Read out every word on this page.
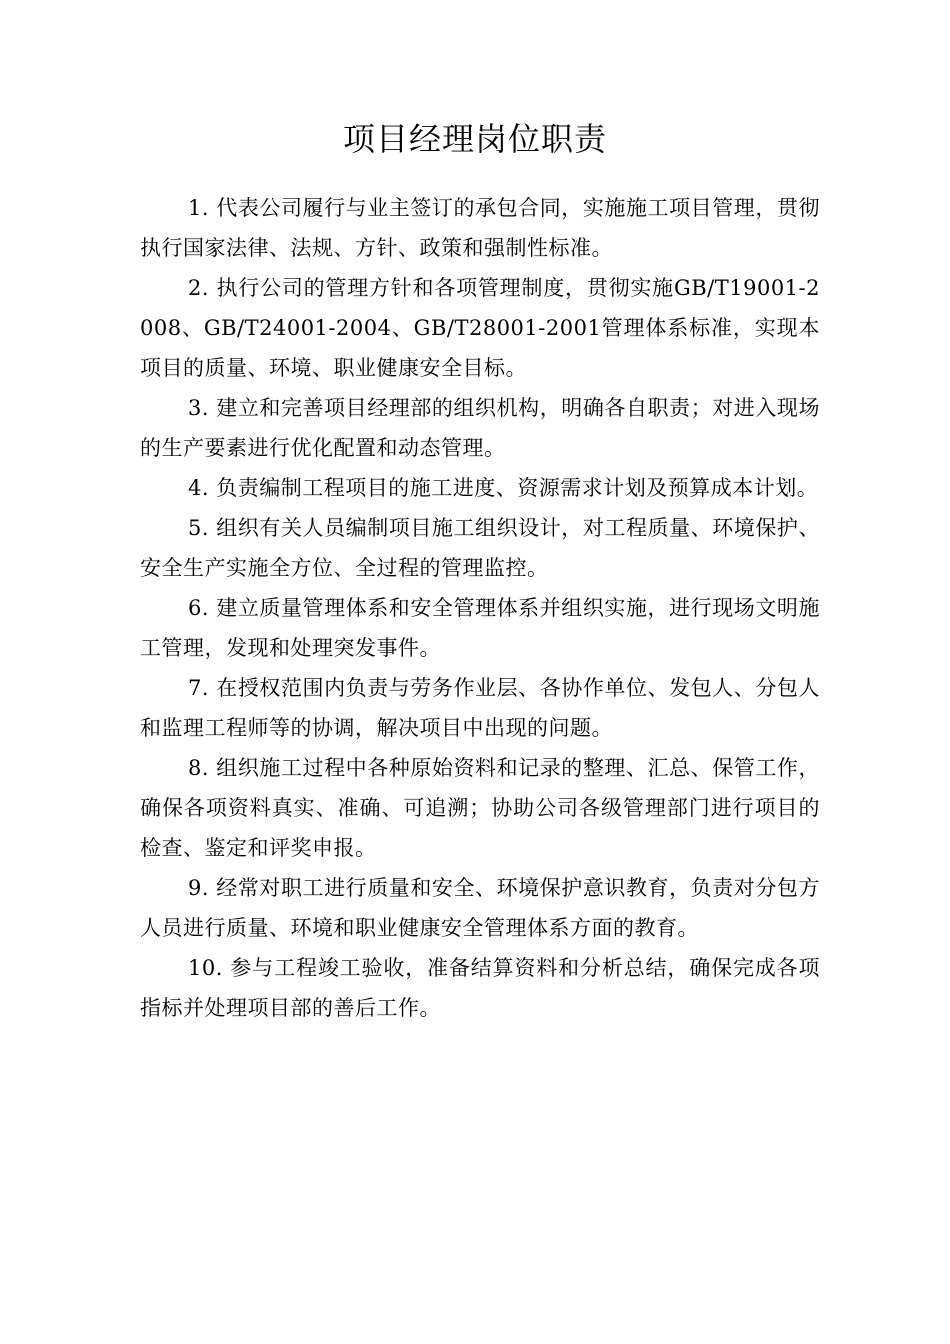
项目经理岗位职责

1. 代表公司履行与业主签订的承包合同，实施施工项目管理，贯彻执行国家法律、法规、方针、政策和强制性标准。

2. 执行公司的管理方针和各项管理制度，贯彻实施GB/T19001-2008、GB/T24001-2004、GB/T28001-2001管理体系标准，实现本项目的质量、环境、职业健康安全目标。

3. 建立和完善项目经理部的组织机构，明确各自职责；对进入现场的生产要素进行优化配置和动态管理。

4. 负责编制工程项目的施工进度、资源需求计划及预算成本计划。

5. 组织有关人员编制项目施工组织设计，对工程质量、环境保护、安全生产实施全方位、全过程的管理监控。

6. 建立质量管理体系和安全管理体系并组织实施，进行现场文明施工管理，发现和处理突发事件。

7. 在授权范围内负责与劳务作业层、各协作单位、发包人、分包人和监理工程师等的协调，解决项目中出现的问题。

8. 组织施工过程中各种原始资料和记录的整理、汇总、保管工作，确保各项资料真实、准确、可追溯；协助公司各级管理部门进行项目的检查、鉴定和评奖申报。

9. 经常对职工进行质量和安全、环境保护意识教育，负责对分包方人员进行质量、环境和职业健康安全管理体系方面的教育。

10. 参与工程竣工验收，准备结算资料和分析总结，确保完成各项指标并处理项目部的善后工作。
